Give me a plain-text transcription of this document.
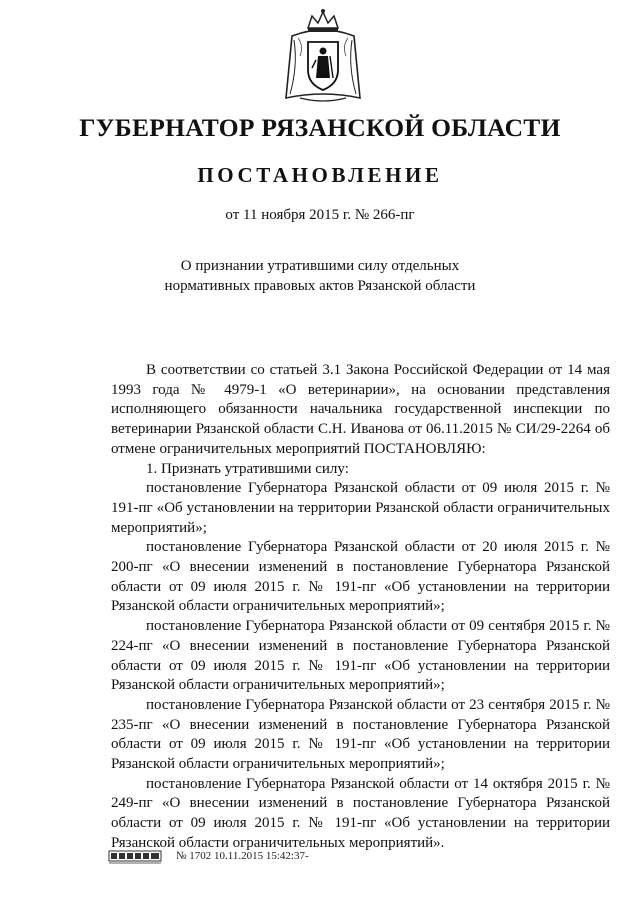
ГУБЕРНАТОР РЯЗАНСКОЙ ОБЛАСТИ
ПОСТАНОВЛЕНИЕ

от 11 ноября 2015 г. № 266-пг

О признании утратившими силу отдельных
нормативных правовых актов Рязанской области

В соответствии со статьей 3.1 Закона Российской Федерации от 14 мая 1993 года № 4979-1 «О ветеринарии», на основании представления исполняющего обязанности начальника государственной инспекции по ветеринарии Рязанской области С.Н. Иванова от 06.11.2015 № СИ/29-2264 об отмене ограничительных мероприятий ПОСТАНОВЛЯЮ:

1. Признать утратившими силу:

постановление Губернатора Рязанской области от 09 июля 2015 г. № 191-пг «Об установлении на территории Рязанской области ограничительных мероприятий»;

постановление Губернатора Рязанской области от 20 июля 2015 г. № 200-пг «О внесении изменений в постановление Губернатора Рязанской области от 09 июля 2015 г. № 191-пг «Об установлении на территории Рязанской области ограничительных мероприятий»;

постановление Губернатора Рязанской области от 09 сентября 2015 г. № 224-пг «О внесении изменений в постановление Губернатора Рязанской области от 09 июля 2015 г. № 191-пг «Об установлении на территории Рязанской области ограничительных мероприятий»;

постановление Губернатора Рязанской области от 23 сентября 2015 г. № 235-пг «О внесении изменений в постановление Губернатора Рязанской области от 09 июля 2015 г. № 191-пг «Об установлении на территории Рязанской области ограничительных мероприятий»;

постановление Губернатора Рязанской области от 14 октября 2015 г. № 249-пг «О внесении изменений в постановление Губернатора Рязанской области от 09 июля 2015 г. № 191-пг «Об установлении на территории Рязанской области ограничительных мероприятий».

№ 1702 10.11.2015 15:42:37-
